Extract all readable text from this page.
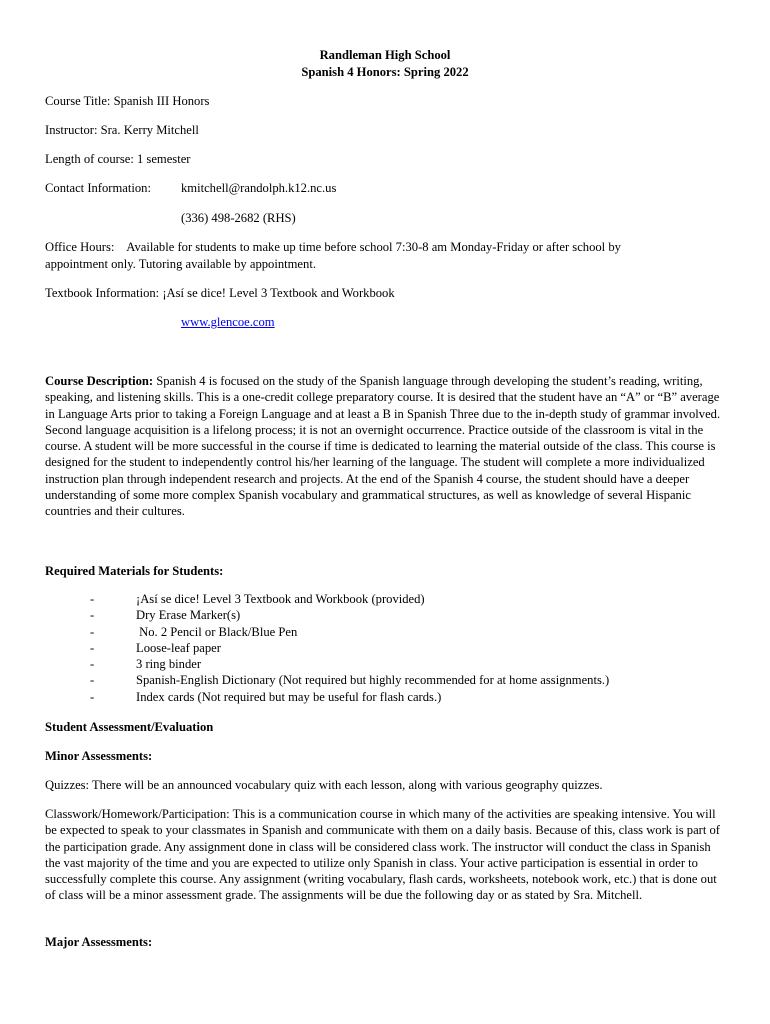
Randleman High School
Spanish 4 Honors: Spring 2022
Course Title: Spanish III Honors
Instructor: Sra. Kerry Mitchell
Length of course: 1 semester
Contact Information: kmitchell@randolph.k12.nc.us
(336) 498-2682 (RHS)
Office Hours: Available for students to make up time before school 7:30-8 am Monday-Friday or after school by
appointment only. Tutoring available by appointment.
Textbook Information: ¡Así se dice! Level 3 Textbook and Workbook
www.glencoe.com
Course Description: Spanish 4 is focused on the study of the Spanish language through developing the student’s reading, writing, speaking, and listening skills. This is a one-credit college preparatory course. It is desired that the student have an “A” or “B” average in Language Arts prior to taking a Foreign Language and at least a B in Spanish Three due to the in-depth study of grammar involved. Second language acquisition is a lifelong process; it is not an overnight occurrence. Practice outside of the classroom is vital in the course. A student will be more successful in the course if time is dedicated to learning the material outside of the class. This course is designed for the student to independently control his/her learning of the language. The student will complete a more individualized instruction plan through independent research and projects. At the end of the Spanish 4 course, the student should have a deeper understanding of some more complex Spanish vocabulary and grammatical structures, as well as knowledge of several Hispanic countries and their cultures.
Required Materials for Students:
-	¡Así se dice! Level 3 Textbook and Workbook (provided)
-	Dry Erase Marker(s)
-	No. 2 Pencil or Black/Blue Pen
-	Loose-leaf paper
-	3 ring binder
-	Spanish-English Dictionary (Not required but highly recommended for at home assignments.)
-	Index cards (Not required but may be useful for flash cards.)
Student Assessment/Evaluation
Minor Assessments:
Quizzes: There will be an announced vocabulary quiz with each lesson, along with various geography quizzes.
Classwork/Homework/Participation: This is a communication course in which many of the activities are speaking intensive. You will be expected to speak to your classmates in Spanish and communicate with them on a daily basis. Because of this, class work is part of the participation grade. Any assignment done in class will be considered class work. The instructor will conduct the class in Spanish the vast majority of the time and you are expected to utilize only Spanish in class. Your active participation is essential in order to successfully complete this course. Any assignment (writing vocabulary, flash cards, worksheets, notebook work, etc.) that is done out of class will be a minor assessment grade. The assignments will be due the following day or as stated by Sra. Mitchell.
Major Assessments:
